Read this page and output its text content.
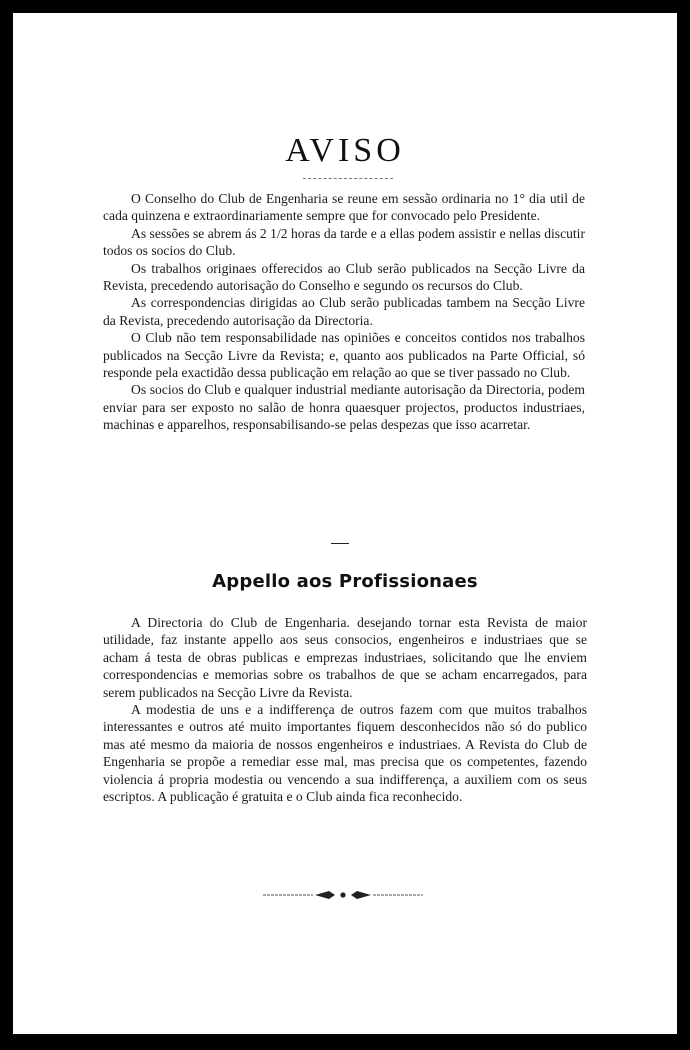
AVISO

O Conselho do Club de Engenharia se reune em sessão ordinaria no 1° dia util de cada quinzena e extraordinariamente sempre que for convocado pelo Presidente.

As sessões se abrem ás 2 1/2 horas da tarde e a ellas podem assistir e nellas discutir todos os socios do Club.

Os trabalhos originaes offerecidos ao Club serão publicados na Secção Livre da Revista, precedendo autorisação do Conselho e segundo os recursos do Club.

As correspondencias dirigidas ao Club serão publicadas tambem na Secção Livre da Revista, precedendo autorisação da Directoria.

O Club não tem responsabilidade nas opiniões e conceitos contidos nos trabalhos publicados na Secção Livre da Revista; e, quanto aos publicados na Parte Official, só responde pela exactidão dessa publicação em relação ao que se tiver passado no Club.

Os socios do Club e qualquer industrial mediante autorisação da Directoria, podem enviar para ser exposto no salão de honra quaesquer projectos, productos industriaes, machinas e apparelhos, responsabilisando-se pelas despezas que isso acarretar.

Appello aos Profissionaes

A Directoria do Club de Engenharia. desejando tornar esta Revista de maior utilidade, faz instante appello aos seus consocios, engenheiros e industriaes que se acham á testa de obras publicas e emprezas industriaes, solicitando que lhe enviem correspondencias e memorias sobre os trabalhos de que se acham encarregados, para serem publicados na Secção Livre da Revista.

A modestia de uns e a indifferença de outros fazem com que muitos trabalhos interessantes e outros até muito importantes fiquem desconhecidos não só do publico mas até mesmo da maioria de nossos engenheiros e industriaes. A Revista do Club de Engenharia se propõe a remediar esse mal, mas precisa que os competentes, fazendo violencia á propria modestia ou vencendo a sua indifferença, a auxiliem com os seus escriptos. A publicação é gratuita e o Club ainda fica reconhecido.
